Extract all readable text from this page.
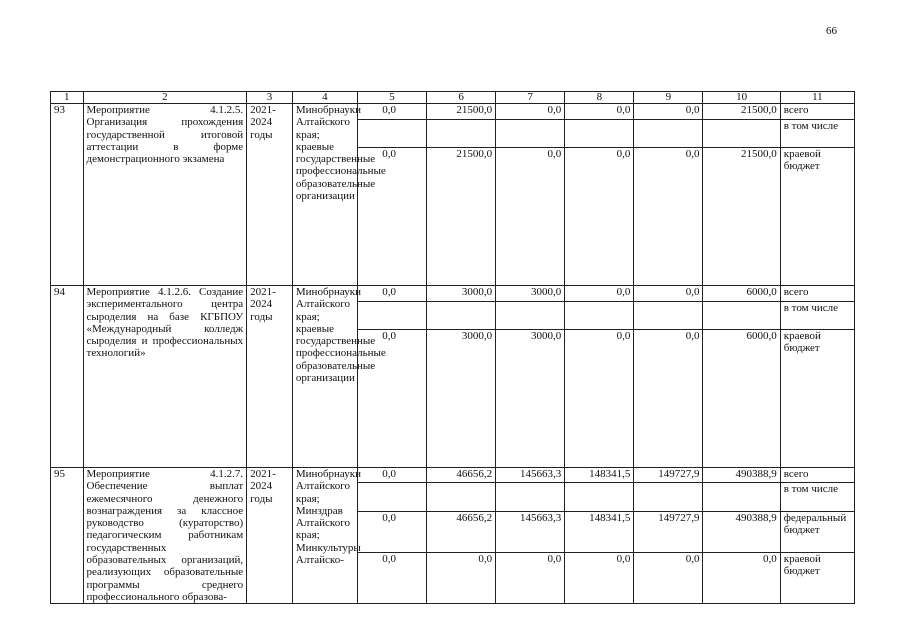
66
1	2	3	4	5	6	7	8	9	10	11
93	Мероприятие 4.1.2.5. Организация прохождения государственной итоговой аттестации в форме демонстрационного экзамена	2021-2024 годы	Минобрнауки Алтайского края; краевые государственные профессиональные образовательные организации	0,0	21500,0	0,0	0,0	0,0	21500,0	всего
										в том числе
				0,0	21500,0	0,0	0,0	0,0	21500,0	краевой бюджет
94	Мероприятие 4.1.2.6. Создание экспериментального центра сыроделия на базе КГБПОУ «Международный колледж сыроделия и профессиональных технологий»	2021-2024 годы	Минобрнауки Алтайского края; краевые государственные профессиональные образовательные организации	0,0	3000,0	3000,0	0,0	0,0	6000,0	всего
										в том числе
				0,0	3000,0	3000,0	0,0	0,0	6000,0	краевой бюджет
95	Мероприятие 4.1.2.7. Обеспечение выплат ежемесячного денежного вознаграждения за классное руководство (кураторство) педагогическим работникам государственных образовательных организаций, реализующих образовательные программы среднего профессионального образова-	2021-2024 годы	Минобрнауки Алтайского края; Минздрав Алтайского края; Минкультуры Алтайско-	0,0	46656,2	145663,3	148341,5	149727,9	490388,9	всего
										в том числе
				0,0	46656,2	145663,3	148341,5	149727,9	490388,9	федеральный бюджет
				0,0	0,0	0,0	0,0	0,0	0,0	краевой бюджет
